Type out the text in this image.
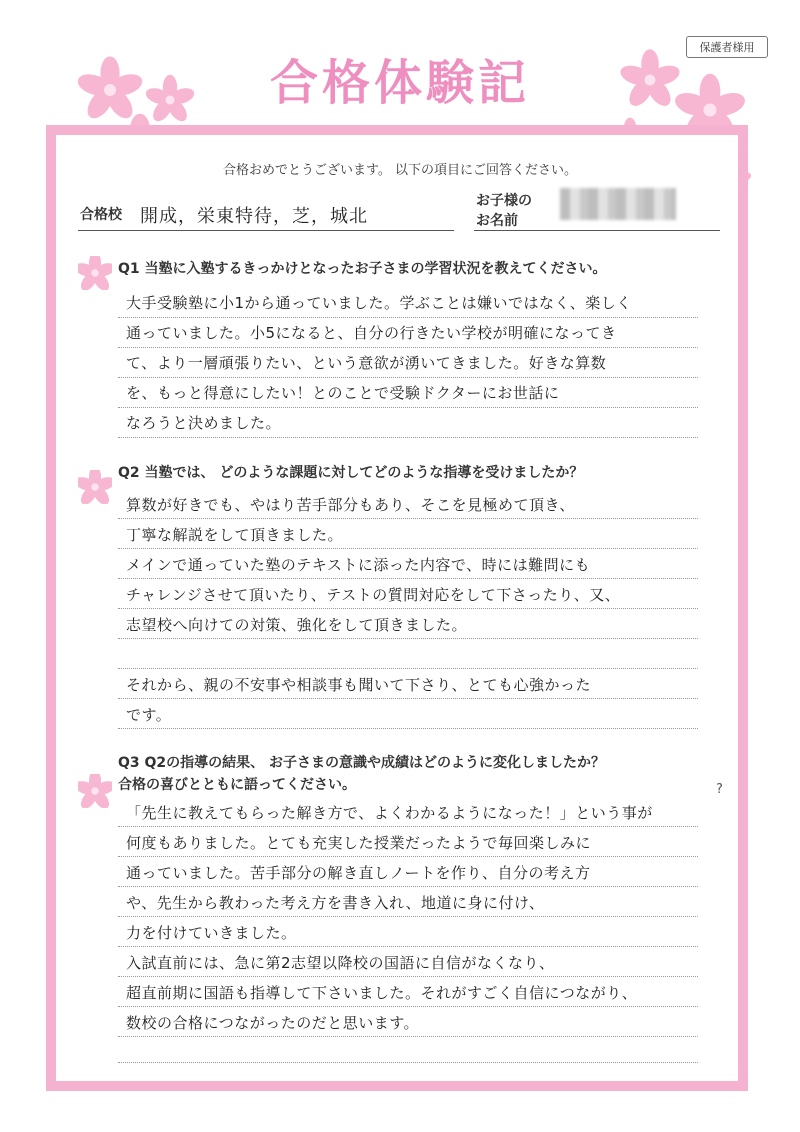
保護者様用
合格体験記
合格おめでとうございます。 以下の項目にご回答ください。
合格校 開成，栄東特待，芝，城北
お子様の
お名前
Q1 当塾に入塾するきっかけとなったお子さまの学習状況を教えてください。
大手受験塾に小1から通っていました。学ぶことは嫌いではなく、楽しく
通っていました。小5になると、自分の行きたい学校が明確になってき
て、より一層頑張りたい、という意欲が湧いてきました。好きな算数
を、もっと得意にしたい！とのことで受験ドクターにお世話に
なろうと決めました。
Q2 当塾では、 どのような課題に対してどのような指導を受けましたか？
算数が好きでも、やはり苦手部分もあり、そこを見極めて頂き、
丁寧な解説をして頂きました。
メインで通っていた塾のテキストに添った内容で、時には難問にも
チャレンジさせて頂いたり、テストの質問対応をして下さったり、又、
志望校へ向けての対策、強化をして頂きました。
それから、親の不安事や相談事も聞いて下さり、とても心強かった
です。
Q3 Q2の指導の結果、 お子さまの意識や成績はどのように変化しましたか？
合格の喜びとともに語ってください。	?
「先生に教えてもらった解き方で、よくわかるようになった！」という事が
何度もありました。とても充実した授業だったようで毎回楽しみに
通っていました。苦手部分の解き直しノートを作り、自分の考え方
や、先生から教わった考え方を書き入れ、地道に身に付け、
力を付けていきました。
入試直前には、急に第2志望以降校の国語に自信がなくなり、
超直前期に国語も指導して下さいました。それがすごく自信につながり、
数校の合格につながったのだと思います。
